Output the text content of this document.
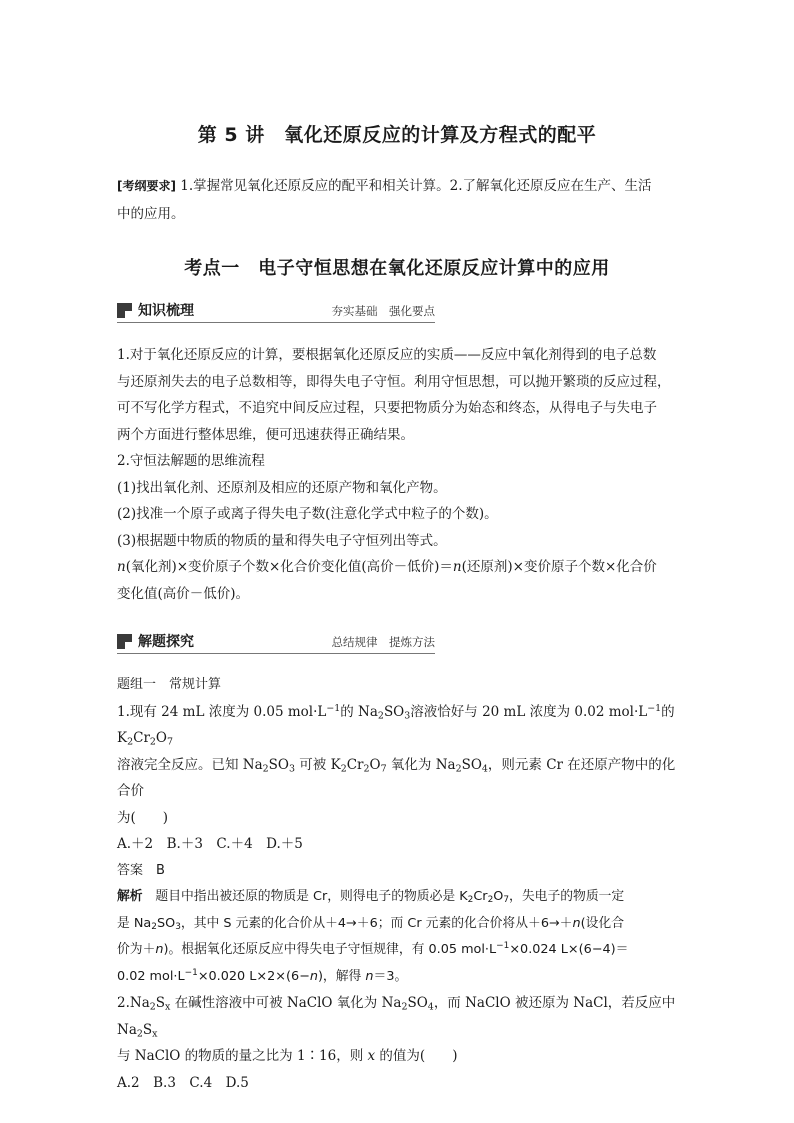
第 5 讲　氧化还原反应的计算及方程式的配平
[考纲要求] 1.掌握常见氧化还原反应的配平和相关计算。2.了解氧化还原反应在生产、生活
中的应用。
考点一　电子守恒思想在氧化还原反应计算中的应用
知识梳理	夯实基础　强化要点

1.对于氧化还原反应的计算，要根据氧化还原反应的实质——反应中氧化剂得到的电子总数

与还原剂失去的电子总数相等，即得失电子守恒。利用守恒思想，可以抛开繁琐的反应过程，

可不写化学方程式，不追究中间反应过程，只要把物质分为始态和终态，从得电子与失电子

两个方面进行整体思维，便可迅速获得正确结果。

2.守恒法解题的思维流程

(1)找出氧化剂、还原剂及相应的还原产物和氧化产物。

(2)找准一个原子或离子得失电子数(注意化学式中粒子的个数)。

(3)根据题中物质的物质的量和得失电子守恒列出等式。

n(氧化剂)×变价原子个数×化合价变化值(高价－低价)＝n(还原剂)×变价原子个数×化合价

变化值(高价－低价)。

解题探究	总结规律　提炼方法

题组一　常规计算

1.现有 24 mL 浓度为 0.05 $mol\cdot L^{-1}$的 $Na_2SO_3$溶液恰好与 20 mL 浓度为 0.02 $mol\cdot L^{-1}$的 $K_2Cr_2O_7$

溶液完全反应。已知 $Na_2SO_3$ 可被 $K_2Cr_2O_7$ 氧化为 $Na_2SO_4$，则元素 Cr 在还原产物中的化合价

为(　　)

A.＋2　B.＋3　C.＋4　D.＋5

答案　 B

解析　 题目中指出被还原的物质是 Cr，则得电子的物质必是 $K_2Cr_2O_7$，失电子的物质一定

是 $Na_2SO_3$，其中 S 元素的化合价从＋4→＋6；而 Cr 元素的化合价将从＋6→＋n(设化合

价为＋n)。根据氧化还原反应中得失电子守恒规律，有 0.05 $mol\cdot L^{-1}\times 0.024$ L×(6−4)＝

0.02 $mol\cdot L^{-1}\times 0.020$ L×2×(6−n)，解得 n＝3。

$2.Na_2S_x$ 在碱性溶液中可被 NaClO 氧化为 $Na_2SO_4$，而 NaClO 被还原为 NaCl，若反应中 $Na_2S_x$

与 NaClO 的物质的量之比为 1∶16，则 x 的值为(　　)

A.2　B.3　C.4　D.5
